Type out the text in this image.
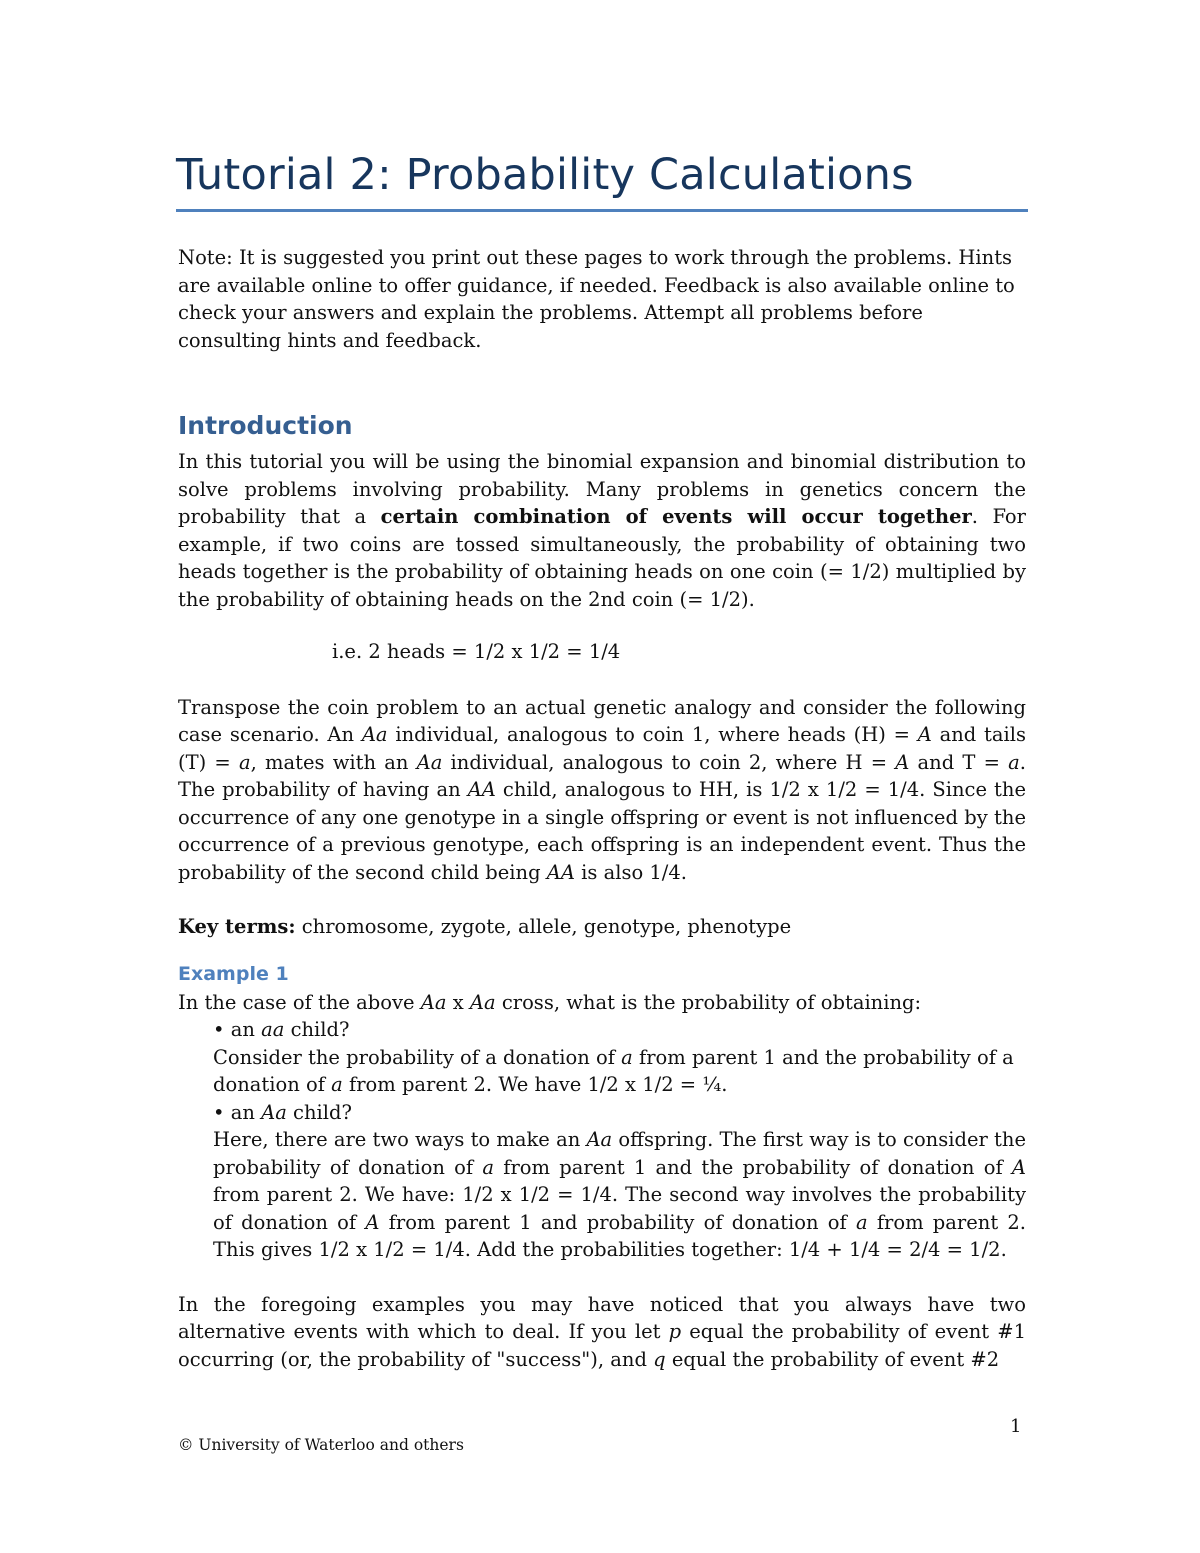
Tutorial 2: Probability Calculations

Note: It is suggested you print out these pages to work through the problems. Hints are available online to offer guidance, if needed. Feedback is also available online to check your answers and explain the problems. Attempt all problems before consulting hints and feedback.

Introduction

In this tutorial you will be using the binomial expansion and binomial distribution to solve problems involving probability. Many problems in genetics concern the probability that a certain combination of events will occur together. For example, if two coins are tossed simultaneously, the probability of obtaining two heads together is the probability of obtaining heads on one coin (= 1/2) multiplied by the probability of obtaining heads on the 2nd coin (= 1/2).

i.e. 2 heads = 1/2 x 1/2 = 1/4

Transpose the coin problem to an actual genetic analogy and consider the following case scenario. An Aa individual, analogous to coin 1, where heads (H) = A and tails (T) = a, mates with an Aa individual, analogous to coin 2, where H = A and T = a. The probability of having an AA child, analogous to HH, is 1/2 x 1/2 = 1/4. Since the occurrence of any one genotype in a single offspring or event is not influenced by the occurrence of a previous genotype, each offspring is an independent event. Thus the probability of the second child being AA is also 1/4.

Key terms: chromosome, zygote, allele, genotype, phenotype

Example 1

In the case of the above Aa x Aa cross, what is the probability of obtaining:

• an aa child?

Consider the probability of a donation of a from parent 1 and the probability of a donation of a from parent 2. We have 1/2 x 1/2 = ¼.

• an Aa child?

Here, there are two ways to make an Aa offspring. The first way is to consider the probability of donation of a from parent 1 and the probability of donation of A from parent 2. We have: 1/2 x 1/2 = 1/4. The second way involves the probability of donation of A from parent 1 and probability of donation of a from parent 2. This gives 1/2 x 1/2 = 1/4. Add the probabilities together: 1/4 + 1/4 = 2/4 = 1/2.

In the foregoing examples you may have noticed that you always have two alternative events with which to deal. If you let p equal the probability of event #1 occurring (or, the probability of "success"), and q equal the probability of event #2

1
© University of Waterloo and others
